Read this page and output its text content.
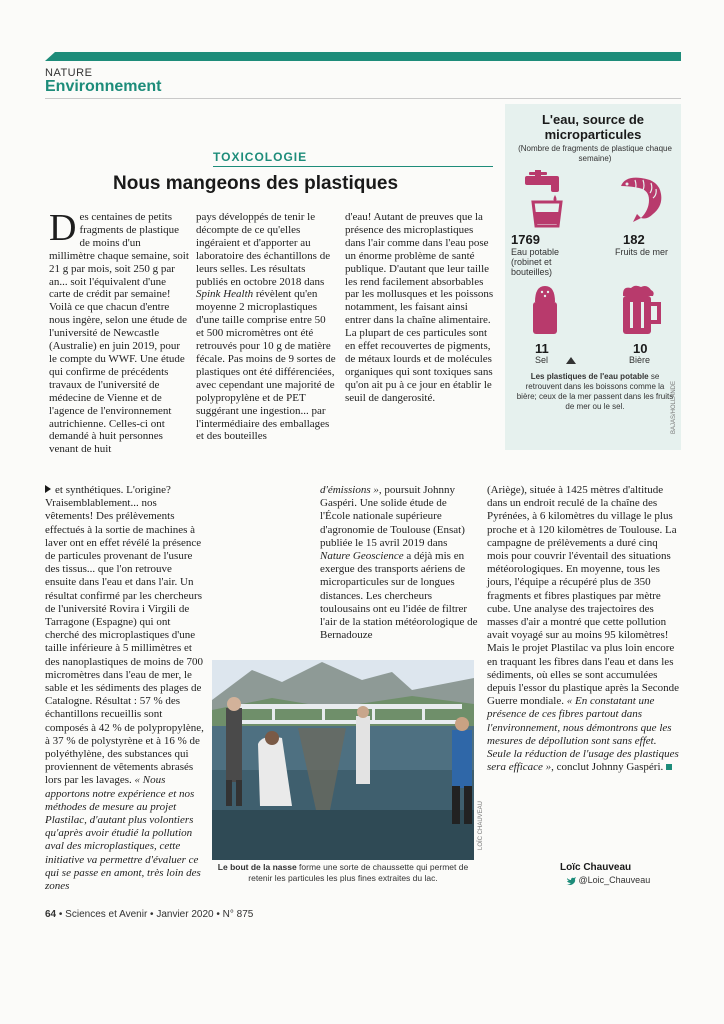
NATURE
Environnement

TOXICOLOGIE
Nous mangeons des plastiques
Des centaines de petits fragments de plastique de moins d'un millimètre chaque semaine, soit 21 g par mois, soit 250 g par an... soit l'équivalent d'une carte de crédit par semaine! Voilà ce que chacun d'entre nous ingère, selon une étude de l'université de Newcastle (Australie) en juin 2019, pour le compte du WWF. Une étude qui confirme de précédents travaux de l'université de médecine de Vienne et de l'agence de l'environnement autrichienne. Celles-ci ont demandé à huit personnes venant de huit
pays développés de tenir le décompte de ce qu'elles ingéraient et d'apporter au laboratoire des échantillons de leurs selles. Les résultats publiés en octobre 2018 dans Spink Health révèlent qu'en moyenne 2 microplastiques d'une taille comprise entre 50 et 500 micromètres ont été retrouvés pour 10 g de matière fécale. Pas moins de 9 sortes de plastiques ont été différenciées, avec cependant une majorité de polypropylène et de PET suggérant une ingestion... par l'intermédiaire des emballages et des bouteilles
d'eau! Autant de preuves que la présence des microplastiques dans l'air comme dans l'eau pose un énorme problème de santé publique. D'autant que leur taille les rend facilement absorbables par les mollusques et les poissons notamment, les faisant ainsi entrer dans la chaîne alimentaire. La plupart de ces particules sont en effet recouvertes de pigments, de métaux lourds et de molécules organiques qui sont toxiques sans qu'on ait pu à ce jour en établir le seuil de dangerosité.
L'eau, source de microparticules
(Nombre de fragments de plastique chaque semaine)
1769
Eau potable (robinet et bouteilles)
182
Fruits de mer
11
Sel
10
Bière
Les plastiques de l'eau potable se retrouvent dans les boissons comme la bière; ceux de la mer passent dans les fruits de mer ou le sel.	BAJAS/HOLLANDE
et synthétiques. L'origine? Vraisemblablement... nos vêtements! Des prélèvements effectués à la sortie de machines à laver ont en effet révélé la présence de particules provenant de l'usure des tissus... que l'on retrouve ensuite dans l'eau et dans l'air. Un résultat confirmé par les chercheurs de l'université Rovira i Virgili de Tarragone (Espagne) qui ont cherché des microplastiques d'une taille inférieure à 5 millimètres et des nanoplastiques de moins de 700 micromètres dans l'eau de mer, le sable et les sédiments des plages de Catalogne. Résultat : 57 % des échantillons recueillis sont composés à 42 % de polypropylène, à 37 % de polystyrène et à 16 % de polyéthylène, des substances qui proviennent de vêtements abrasés lors par les lavages. « Nous apportons notre expérience et nos méthodes de mesure au projet Plastilac, d'autant plus volontiers qu'après avoir étudié la pollution aval des microplastiques, cette initiative va permettre d'évaluer ce qui se passe en amont, très loin des zones
d'émissions », poursuit Johnny Gaspéri. Une solide étude de l'École nationale supérieure d'agronomie de Toulouse (Ensat) publiée le 15 avril 2019 dans Nature Geoscience a déjà mis en exergue des transports aériens de microparticules sur de longues distances. Les chercheurs toulousains ont eu l'idée de filtrer l'air de la station météorologique de Bernadouze
(Ariège), située à 1425 mètres d'altitude dans un endroit reculé de la chaîne des Pyrénées, à 6 kilomètres du village le plus proche et à 120 kilomètres de Toulouse. La campagne de prélèvements a duré cinq mois pour couvrir l'éventail des situations météorologiques. En moyenne, tous les jours, l'équipe a récupéré plus de 350 fragments et fibres plastiques par mètre cube. Une analyse des trajectoires des masses d'air a montré que cette pollution avait voyagé sur au moins 95 kilomètres! Mais le projet Plastilac va plus loin encore en traquant les fibres dans l'eau et dans les sédiments, où elles se sont accumulées depuis l'essor du plastique après la Seconde Guerre mondiale. « En constatant une présence de ces fibres partout dans l'environnement, nous démontrons que les mesures de dépollution sont sans effet. Seule la réduction de l'usage des plastiques sera efficace », conclut Johnny Gaspéri.
LOÏC CHAUVEAU
Le bout de la nasse forme une sorte de chaussette qui permet de retenir les particules les plus fines extraites du lac.
Loïc Chauveau
@Loic_Chauveau
64 • Sciences et Avenir • Janvier 2020 • N° 875
